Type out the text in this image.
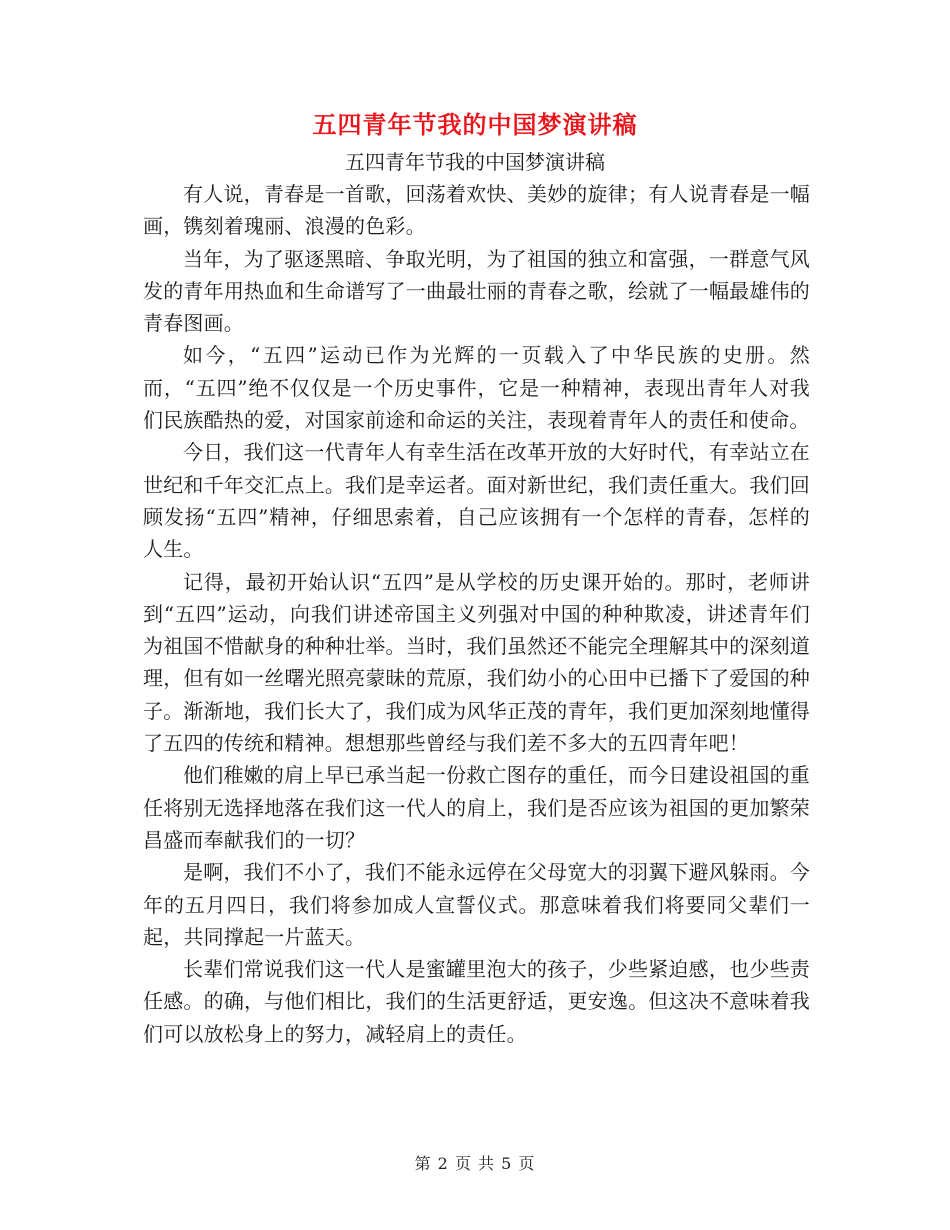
五四青年节我的中国梦演讲稿
五四青年节我的中国梦演讲稿

有人说，青春是一首歌，回荡着欢快、美妙的旋律；有人说青春是一幅画，镌刻着瑰丽、浪漫的色彩。

当年，为了驱逐黑暗、争取光明，为了祖国的独立和富强，一群意气风发的青年用热血和生命谱写了一曲最壮丽的青春之歌，绘就了一幅最雄伟的青春图画。

如今，“五四”运动已作为光辉的一页载入了中华民族的史册。然而，“五四”绝不仅仅是一个历史事件，它是一种精神，表现出青年人对我们民族酷热的爱，对国家前途和命运的关注，表现着青年人的责任和使命。

今日，我们这一代青年人有幸生活在改革开放的大好时代，有幸站立在世纪和千年交汇点上。我们是幸运者。面对新世纪，我们责任重大。我们回顾发扬“五四”精神，仔细思索着，自己应该拥有一个怎样的青春，怎样的人生。

记得，最初开始认识“五四”是从学校的历史课开始的。那时，老师讲到“五四”运动，向我们讲述帝国主义列强对中国的种种欺凌，讲述青年们为祖国不惜献身的种种壮举。当时，我们虽然还不能完全理解其中的深刻道理，但有如一丝曙光照亮蒙昧的荒原，我们幼小的心田中已播下了爱国的种子。渐渐地，我们长大了，我们成为风华正茂的青年，我们更加深刻地懂得了五四的传统和精神。想想那些曾经与我们差不多大的五四青年吧！

他们稚嫩的肩上早已承当起一份救亡图存的重任，而今日建设祖国的重任将别无选择地落在我们这一代人的肩上，我们是否应该为祖国的更加繁荣昌盛而奉献我们的一切？

是啊，我们不小了，我们不能永远停在父母宽大的羽翼下避风躲雨。今年的五月四日，我们将参加成人宣誓仪式。那意味着我们将要同父辈们一起，共同撑起一片蓝天。

长辈们常说我们这一代人是蜜罐里泡大的孩子，少些紧迫感，也少些责任感。的确，与他们相比，我们的生活更舒适，更安逸。但这决不意味着我们可以放松身上的努力，减轻肩上的责任。

第 2 页 共 5 页
